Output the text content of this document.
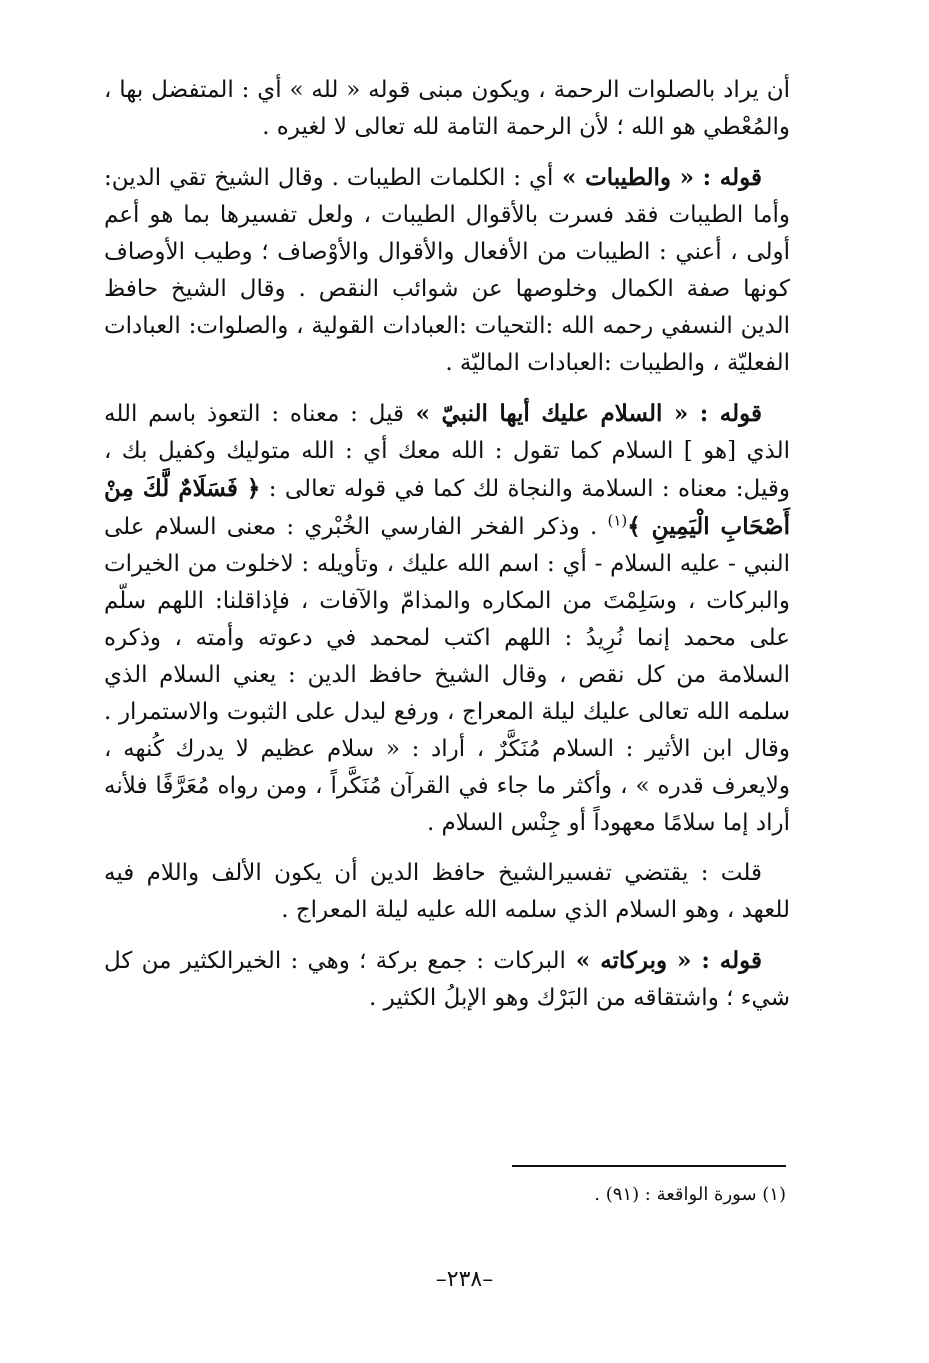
أن يراد بالصلوات الرحمة ، ويكون مبنى قوله « لله » أي : المتفضل بها ، والمُعْطي هو الله ؛ لأن الرحمة التامة لله تعالى لا لغيره .

قوله : « والطيبات » أي : الكلمات الطيبات . وقال الشيخ تقي الدين: وأما الطيبات فقد فسرت بالأقوال الطيبات ، ولعل تفسيرها بما هو أعم أولى ، أعني : الطيبات من الأفعال والأقوال والأوْصاف ؛ وطيب الأوصاف كونها صفة الكمال وخلوصها عن شوائب النقص . وقال الشيخ حافظ الدين النسفي رحمه الله :التحيات :العبادات القولية ، والصلوات: العبادات الفعليّة ، والطيبات :العبادات الماليّة .

قوله : « السلام عليك أيها النبيّ » قيل : معناه : التعوذ باسم الله الذي [هو ] السلام كما تقول : الله معك أي : الله متوليك وكفيل بك ، وقيل: معناه : السلامة والنجاة لك كما في قوله تعالى : ﴿ فَسَلَامٌ لَّكَ مِنْ أَصْحَابِ الْيَمِينِ ﴾$^{(١)}$ . وذكر الفخر الفارسي الخُبْري : معنى السلام على النبي - عليه السلام - أي : اسم الله عليك ، وتأويله : لاخلوت من الخيرات والبركات ، وسَلِمْتَ من المكاره والمذامّ والآفات ، فإذاقلنا: اللهم سلّم على محمد إنما نُرِيدُ : اللهم اكتب لمحمد في دعوته وأمته ، وذكره السلامة من كل نقص ، وقال الشيخ حافظ الدين : يعني السلام الذي سلمه الله تعالى عليك ليلة المعراج ، ورفع ليدل على الثبوت والاستمرار . وقال ابن الأثير : السلام مُنَكَّرٌ ، أراد : « سلام عظيم لا يدرك كُنهه ، ولايعرف قدره » ، وأكثر ما جاء في القرآن مُنَكَّراً ، ومن رواه مُعَرَّفًا فلأنه أراد إما سلامًا معهوداً أو جِنْس السلام .

قلت : يقتضي تفسيرالشيخ حافظ الدين أن يكون الألف واللام فيه للعهد ، وهو السلام الذي سلمه الله عليه ليلة المعراج .

قوله : « وبركاته » البركات : جمع بركة ؛ وهي : الخيرالكثير من كل شيء ؛ واشتقاقه من البَرْك وهو الإبلُ الكثير .

(١) سورة الواقعة : (٩١) .
–٢٣٨–
